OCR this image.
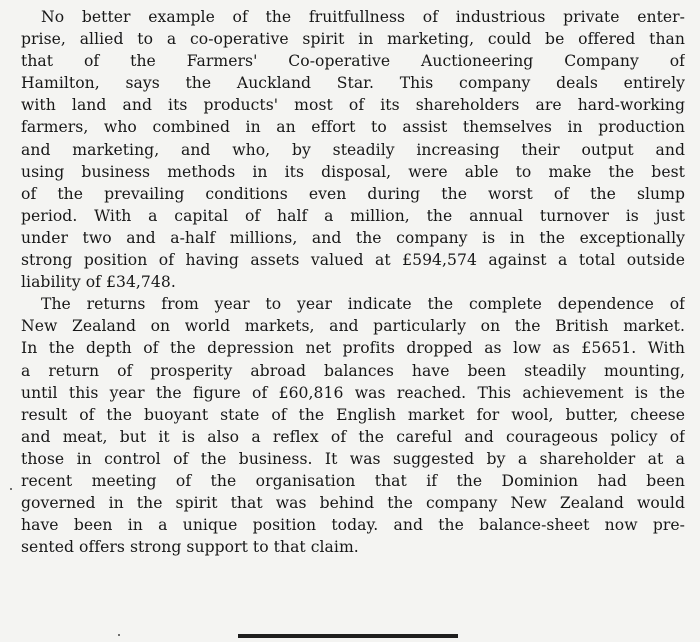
No better example of the fruitfullness of industrious private enter-
prise, allied to a co-operative spirit in marketing, could be offered than
that of the Farmers' Co-operative Auctioneering Company of
Hamilton, says the Auckland Star. This company deals entirely
with land and its products' most of its shareholders are hard-working
farmers, who combined in an effort to assist themselves in production
and marketing, and who, by steadily increasing their output and
using business methods in its disposal, were able to make the best
of the prevailing conditions even during the worst of the slump
period. With a capital of half a million, the annual turnover is just
under two and a-half millions, and the company is in the exceptionally
strong position of having assets valued at £594,574 against a total outside
liability of £34,748.
The returns from year to year indicate the complete dependence of
New Zealand on world markets, and particularly on the British market.
In the depth of the depression net profits dropped as low as £5651. With
a return of prosperity abroad balances have been steadily mounting,
until this year the figure of £60,816 was reached. This achievement is the
result of the buoyant state of the English market for wool, butter, cheese
and meat, but it is also a reflex of the careful and courageous policy of
those in control of the business. It was suggested by a shareholder at a
recent meeting of the organisation that if the Dominion had been
governed in the spirit that was behind the company New Zealand would
have been in a unique position today. and the balance-sheet now pre-
sented offers strong support to that claim.
